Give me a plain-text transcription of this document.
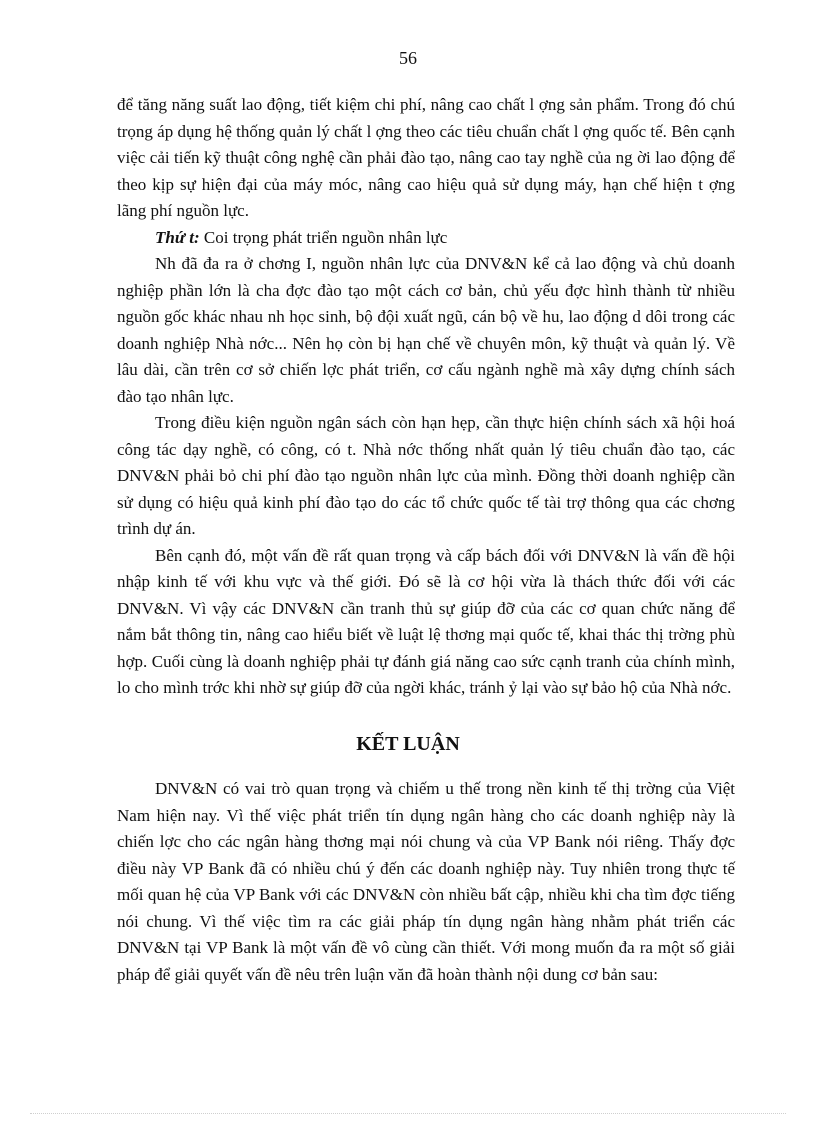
56

để tăng năng suất lao động, tiết kiệm chi phí, nâng cao chất l ợng sản phẩm. Trong đó chú trọng áp dụng hệ thống quản lý chất l ợng theo các tiêu chuẩn chất l ợng quốc tế. Bên cạnh việc cải tiến kỹ thuật công nghệ cần phải đào tạo, nâng cao tay nghề của ng ời lao động để theo kịp sự hiện đại của máy móc, nâng cao hiệu quả sử dụng máy, hạn chế hiện t ợng lãng phí nguồn lực.

Thứ t: Coi trọng phát triển nguồn nhân lực

Nh đã đa ra ở chơng I, nguồn nhân lực của DNV&N kể cả lao động và chủ doanh nghiệp phần lớn là cha đợc đào tạo một cách cơ bản, chủ yếu đợc hình thành từ nhiều nguồn gốc khác nhau nh học sinh, bộ đội xuất ngũ, cán bộ về hu, lao động d dôi trong các doanh nghiệp Nhà nớc... Nên họ còn bị hạn chế về chuyên môn, kỹ thuật và quản lý. Về lâu dài, cần trên cơ sở chiến lợc phát triển, cơ cấu ngành nghề mà xây dựng chính sách đào tạo nhân lực.

Trong điều kiện nguồn ngân sách còn hạn hẹp, cần thực hiện chính sách xã hội hoá công tác dạy nghề, có công, có t. Nhà nớc thống nhất quản lý tiêu chuẩn đào tạo, các DNV&N phải bỏ chi phí đào tạo nguồn nhân lực của mình. Đồng thời doanh nghiệp cần sử dụng có hiệu quả kinh phí đào tạo do các tổ chức quốc tế tài trợ thông qua các chơng trình dự án.

Bên cạnh đó, một vấn đề rất quan trọng và cấp bách đối với DNV&N là vấn đề hội nhập kinh tế với khu vực và thế giới. Đó sẽ là cơ hội vừa là thách thức đối với các DNV&N. Vì vậy các DNV&N cần tranh thủ sự giúp đỡ của các cơ quan chức năng để nắm bắt thông tin, nâng cao hiểu biết về luật lệ thơng mại quốc tế, khai thác thị trờng phù hợp. Cuối cùng là doanh nghiệp phải tự đánh giá năng cao sức cạnh tranh của chính mình, lo cho mình trớc khi nhờ sự giúp đỡ của ngời khác, tránh ỷ lại vào sự bảo hộ của Nhà nớc.

KẾT LUẬN

DNV&N có vai trò quan trọng và chiếm u thế trong nền kinh tế thị trờng của Việt Nam hiện nay. Vì thế việc phát triển tín dụng ngân hàng cho các doanh nghiệp này là chiến lợc cho các ngân hàng thơng mại nói chung và của VP Bank nói riêng. Thấy đợc điều này VP Bank đã có nhiều chú ý đến các doanh nghiệp này. Tuy nhiên trong thực tế mối quan hệ của VP Bank với các DNV&N còn nhiều bất cập, nhiều khi cha tìm đợc tiếng nói chung. Vì thế việc tìm ra các giải pháp tín dụng ngân hàng nhằm phát triển các DNV&N tại VP Bank là một vấn đề vô cùng cần thiết. Với mong muốn đa ra một số giải pháp để giải quyết vấn đề nêu trên luận văn đã hoàn thành nội dung cơ bản sau:
